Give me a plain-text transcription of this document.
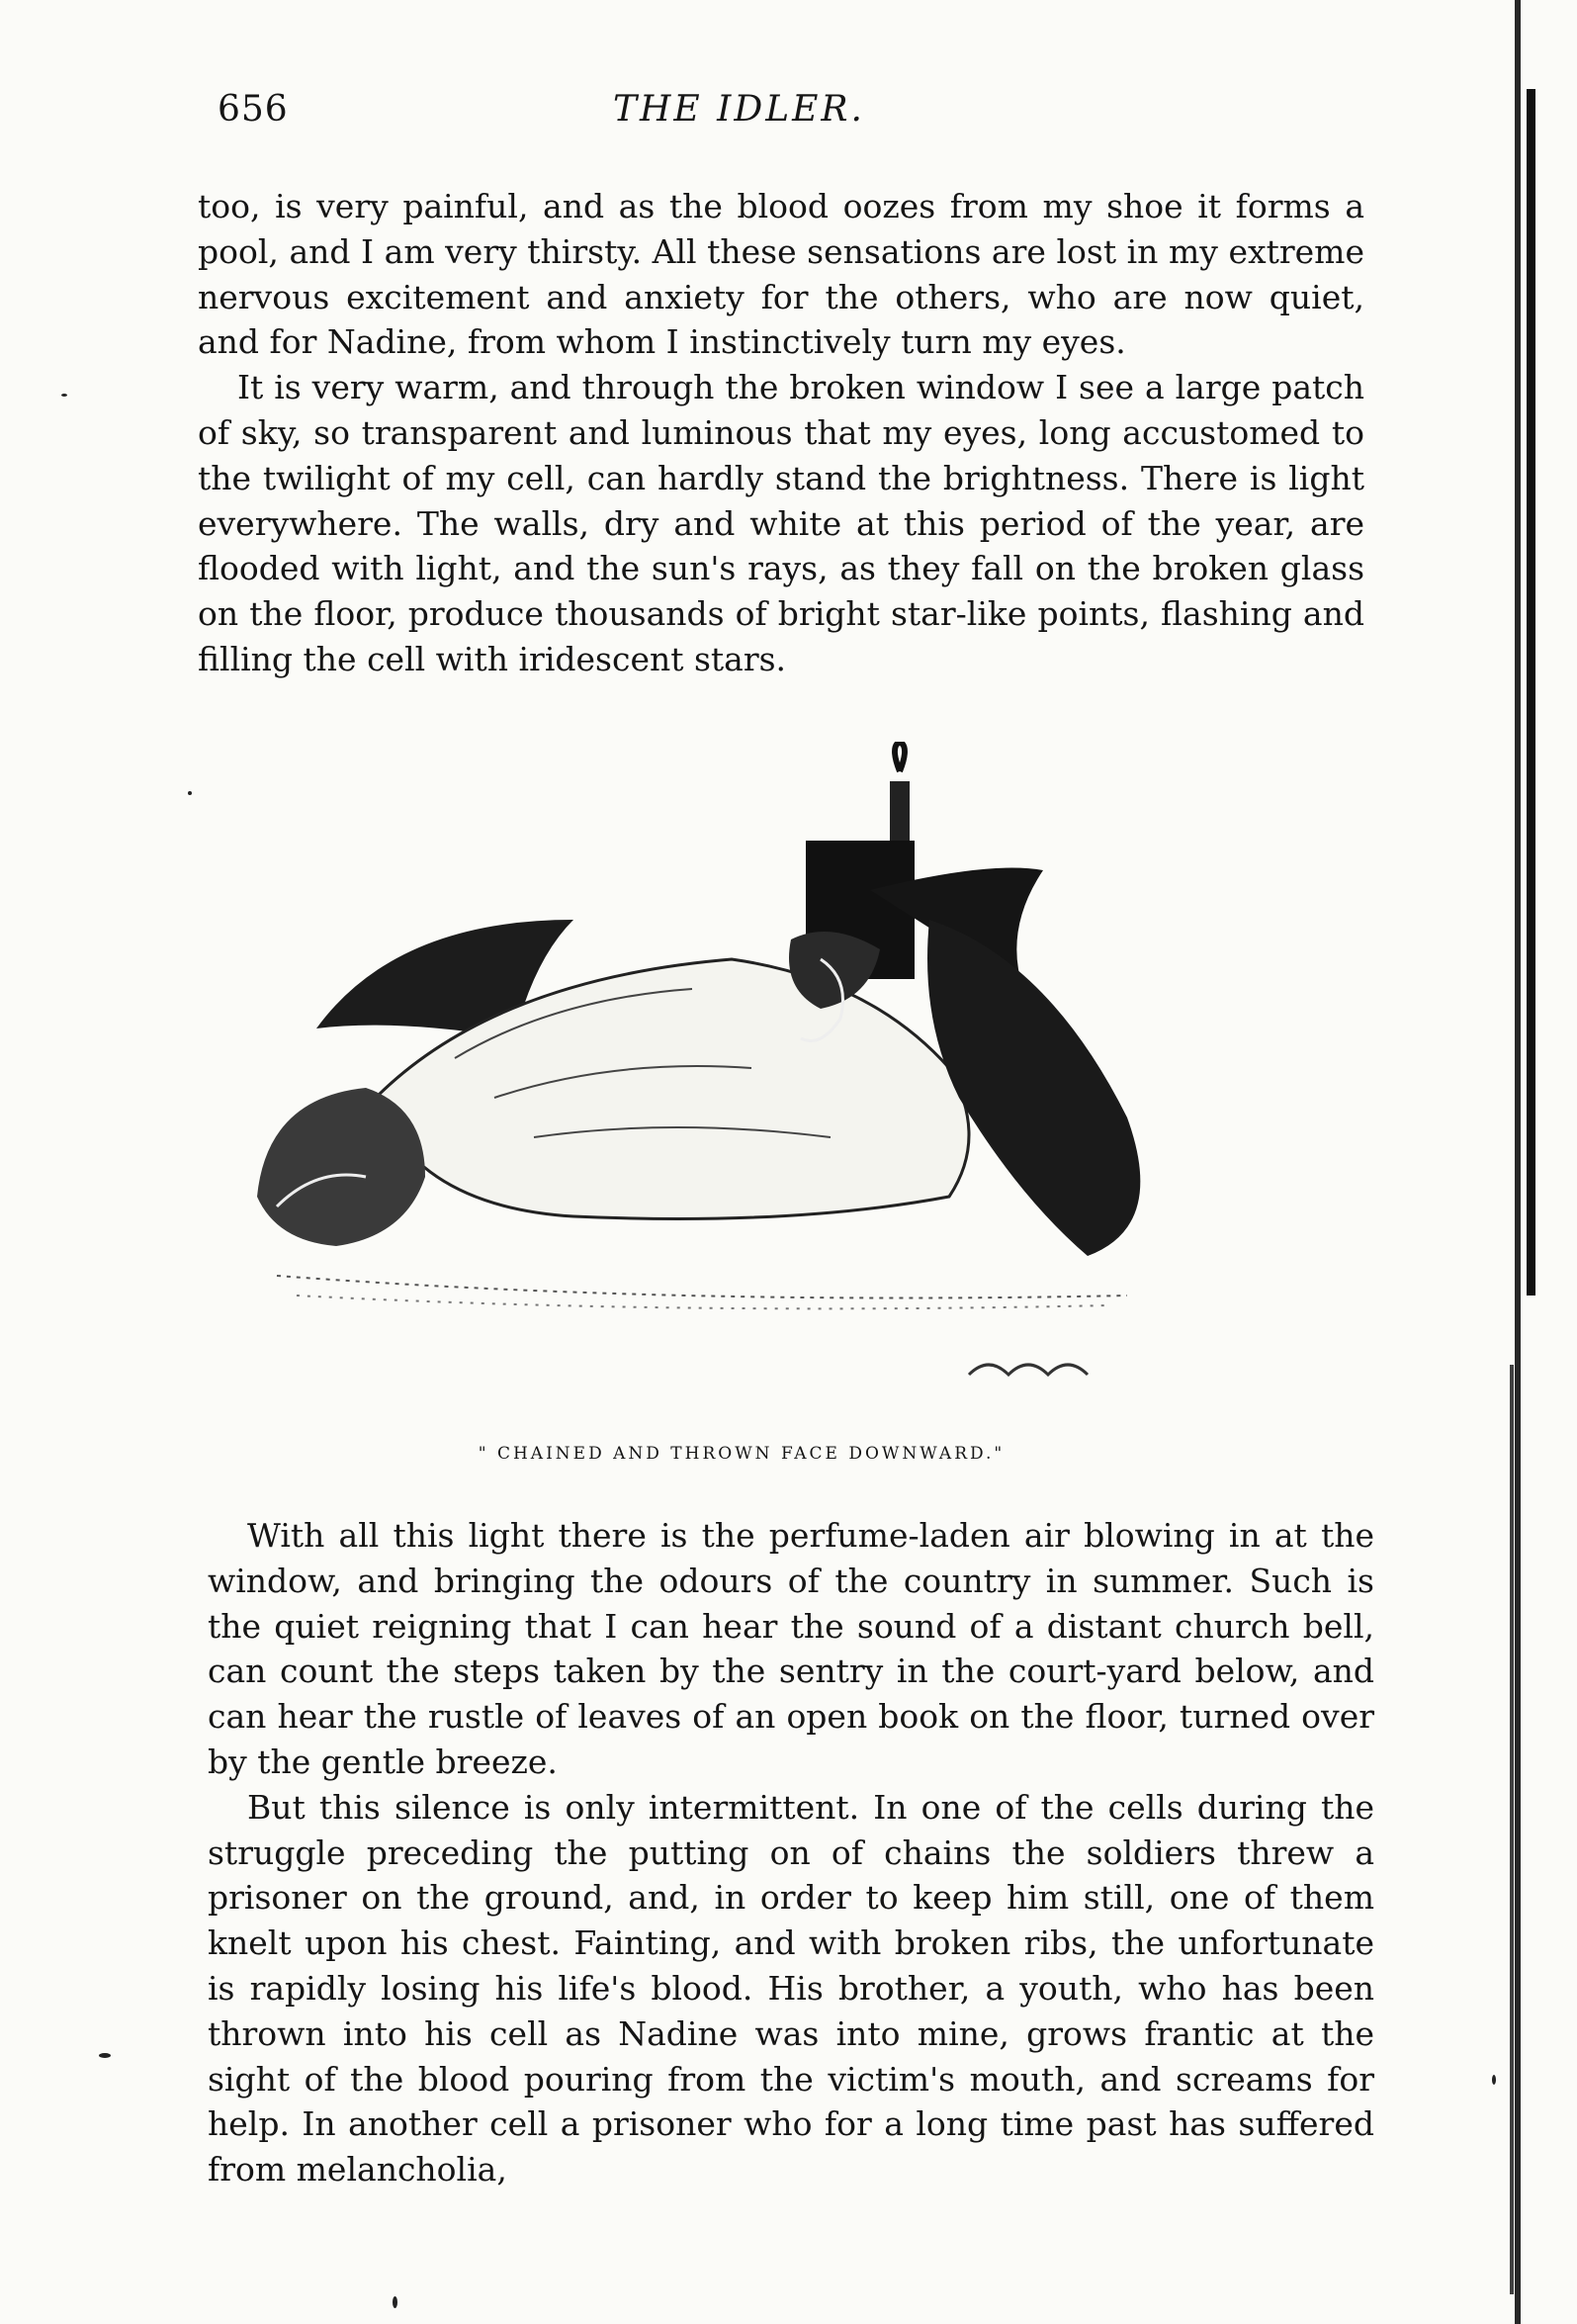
656	THE IDLER.

too, is very painful, and as the blood oozes from my shoe it forms a pool, and I am very thirsty. All these sensations are lost in my extreme nervous excitement and anxiety for the others, who are now quiet, and for Nadine, from whom I instinctively turn my eyes.

It is very warm, and through the broken window I see a large patch of sky, so transparent and luminous that my eyes, long accustomed to the twilight of my cell, can hardly stand the brightness. There is light everywhere. The walls, dry and white at this period of the year, are flooded with light, and the sun's rays, as they fall on the broken glass on the floor, produce thousands of bright star-like points, flashing and filling the cell with iridescent stars.

" CHAINED AND THROWN FACE DOWNWARD."

With all this light there is the perfume-laden air blowing in at the window, and bringing the odours of the country in summer. Such is the quiet reigning that I can hear the sound of a distant church bell, can count the steps taken by the sentry in the court-yard below, and can hear the rustle of leaves of an open book on the floor, turned over by the gentle breeze.

But this silence is only intermittent. In one of the cells during the struggle preceding the putting on of chains the soldiers threw a prisoner on the ground, and, in order to keep him still, one of them knelt upon his chest. Fainting, and with broken ribs, the unfortunate is rapidly losing his life's blood. His brother, a youth, who has been thrown into his cell as Nadine was into mine, grows frantic at the sight of the blood pouring from the victim's mouth, and screams for help. In another cell a prisoner who for a long time past has suffered from melancholia,
